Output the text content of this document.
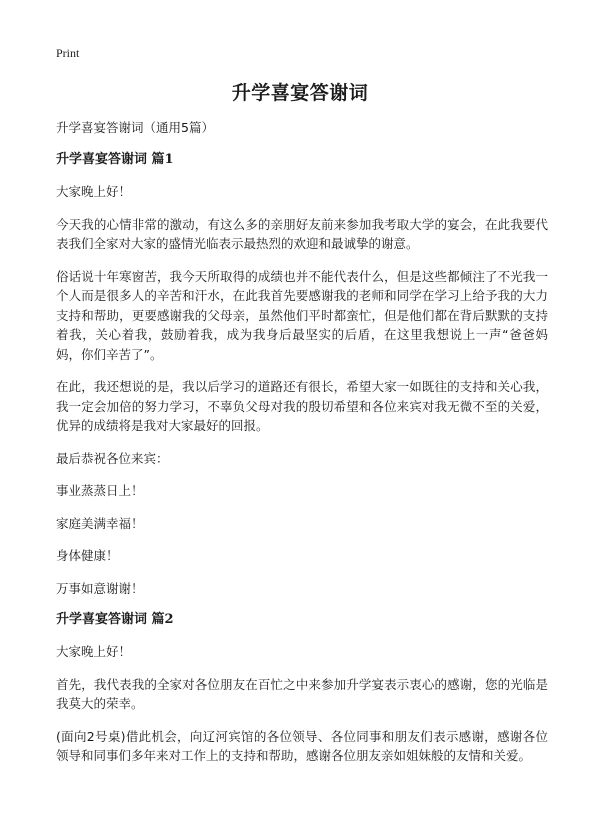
Print
升学喜宴答谢词

升学喜宴答谢词（通用5篇）

升学喜宴答谢词 篇1

大家晚上好！

今天我的心情非常的激动，有这么多的亲朋好友前来参加我考取大学的宴会，在此我要代表我们全家对大家的盛情光临表示最热烈的欢迎和最诚挚的谢意。

俗话说十年寒窗苦，我今天所取得的成绩也并不能代表什么，但是这些都倾注了不光我一个人而是很多人的辛苦和汗水，在此我首先要感谢我的老师和同学在学习上给予我的大力支持和帮助，更要感谢我的父母亲，虽然他们平时都蛮忙，但是他们都在背后默默的支持着我，关心着我，鼓励着我，成为我身后最坚实的后盾，在这里我想说上一声“爸爸妈妈，你们辛苦了”。

在此，我还想说的是，我以后学习的道路还有很长，希望大家一如既往的支持和关心我，我一定会加倍的努力学习，不辜负父母对我的殷切希望和各位来宾对我无微不至的关爱，优异的成绩将是我对大家最好的回报。

最后恭祝各位来宾：

事业蒸蒸日上！

家庭美满幸福！

身体健康！

万事如意谢谢！

升学喜宴答谢词 篇2

大家晚上好！

首先，我代表我的全家对各位朋友在百忙之中来参加升学宴表示衷心的感谢，您的光临是我莫大的荣幸。

(面向2号桌)借此机会，向辽河宾馆的各位领导、各位同事和朋友们表示感谢，感谢各位领导和同事们多年来对工作上的支持和帮助，感谢各位朋友亲如姐妹般的友情和关爱。
